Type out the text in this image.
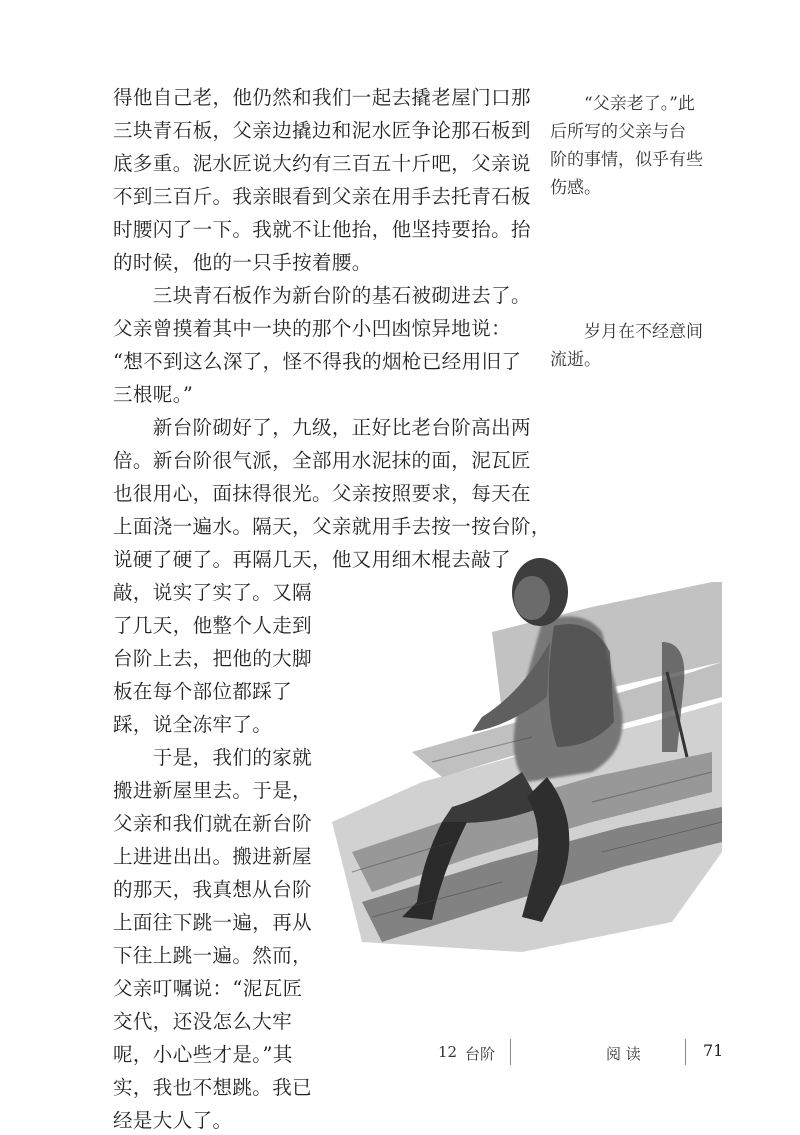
得他自己老，他仍然和我们一起去撬老屋门口那
三块青石板，父亲边撬边和泥水匠争论那石板到
底多重。泥水匠说大约有三百五十斤吧，父亲说
不到三百斤。我亲眼看到父亲在用手去托青石板
时腰闪了一下。我就不让他抬，他坚持要抬。抬
的时候，他的一只手按着腰。
　　三块青石板作为新台阶的基石被砌进去了。
父亲曾摸着其中一块的那个小凹凼惊异地说：
“想不到这么深了，怪不得我的烟枪已经用旧了
三根呢。”
　　新台阶砌好了，九级，正好比老台阶高出两
倍。新台阶很气派，全部用水泥抹的面，泥瓦匠
也很用心，面抹得很光。父亲按照要求，每天在
上面浇一遍水。隔天，父亲就用手去按一按台阶，
说硬了硬了。再隔几天，他又用细木棍去敲了
敲，说实了实了。又隔
了几天，他整个人走到
台阶上去，把他的大脚
板在每个部位都踩了
踩，说全冻牢了。
　　于是，我们的家就
搬进新屋里去。于是，
父亲和我们就在新台阶
上进进出出。搬进新屋
的那天，我真想从台阶
上面往下跳一遍，再从
下往上跳一遍。然而，
父亲叮嘱说：“泥瓦匠
交代，还没怎么大牢
呢，小心些才是。”其
实，我也不想跳。我已
经是大人了。
“父亲老了。”此
后所写的父亲与台
阶的事情，似乎有些
伤感。
岁月在不经意间
流逝。
12 台阶	阅 读	71
